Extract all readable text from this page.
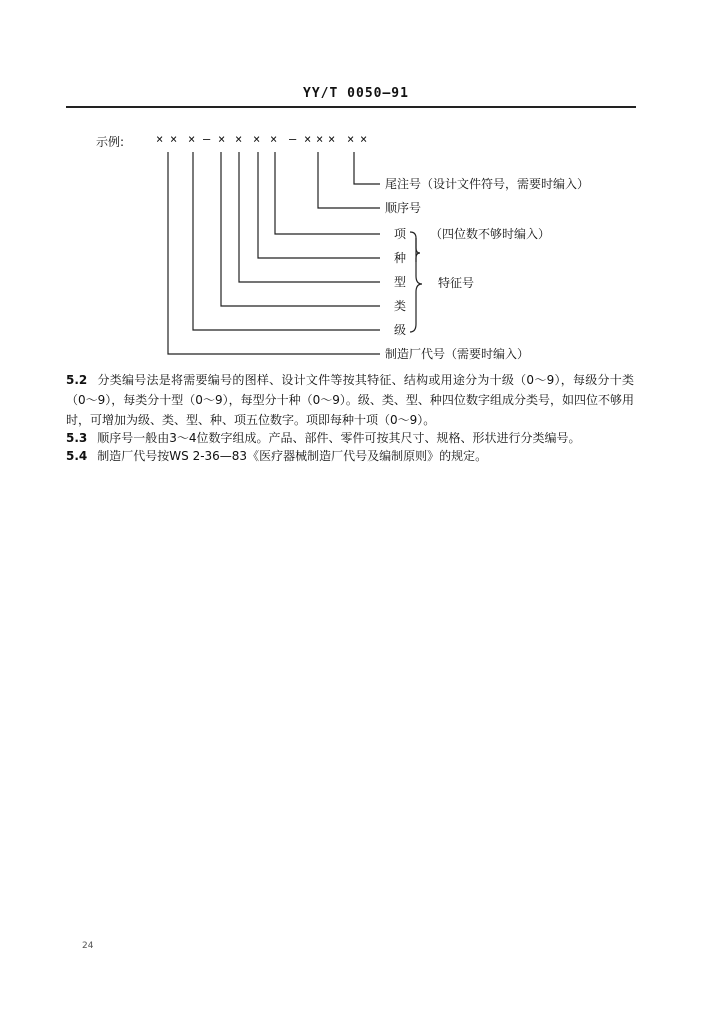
YY/T 0050—91
示例:	× × × — × × × × — × × × × ×
尾注号（设计文件符号，需要时编入）
顺序号
项
种
型
类
级
制造厂代号（需要时编入）
（四位数不够时编入）
特征号
5.2 分类编号法是将需要编号的图样、设计文件等按其特征、结构或用途分为十级（0～9），每级分十类（0～9），每类分十型（0～9），每型分十种（0～9）。级、类、型、种四位数字组成分类号，如四位不够用时，可增加为级、类、型、种、项五位数字。项即每种十项（0～9）。
5.3 顺序号一般由3～4位数字组成。产品、部件、零件可按其尺寸、规格、形状进行分类编号。
5.4 制造厂代号按WS 2-36—83《医疗器械制造厂代号及编制原则》的规定。
24
